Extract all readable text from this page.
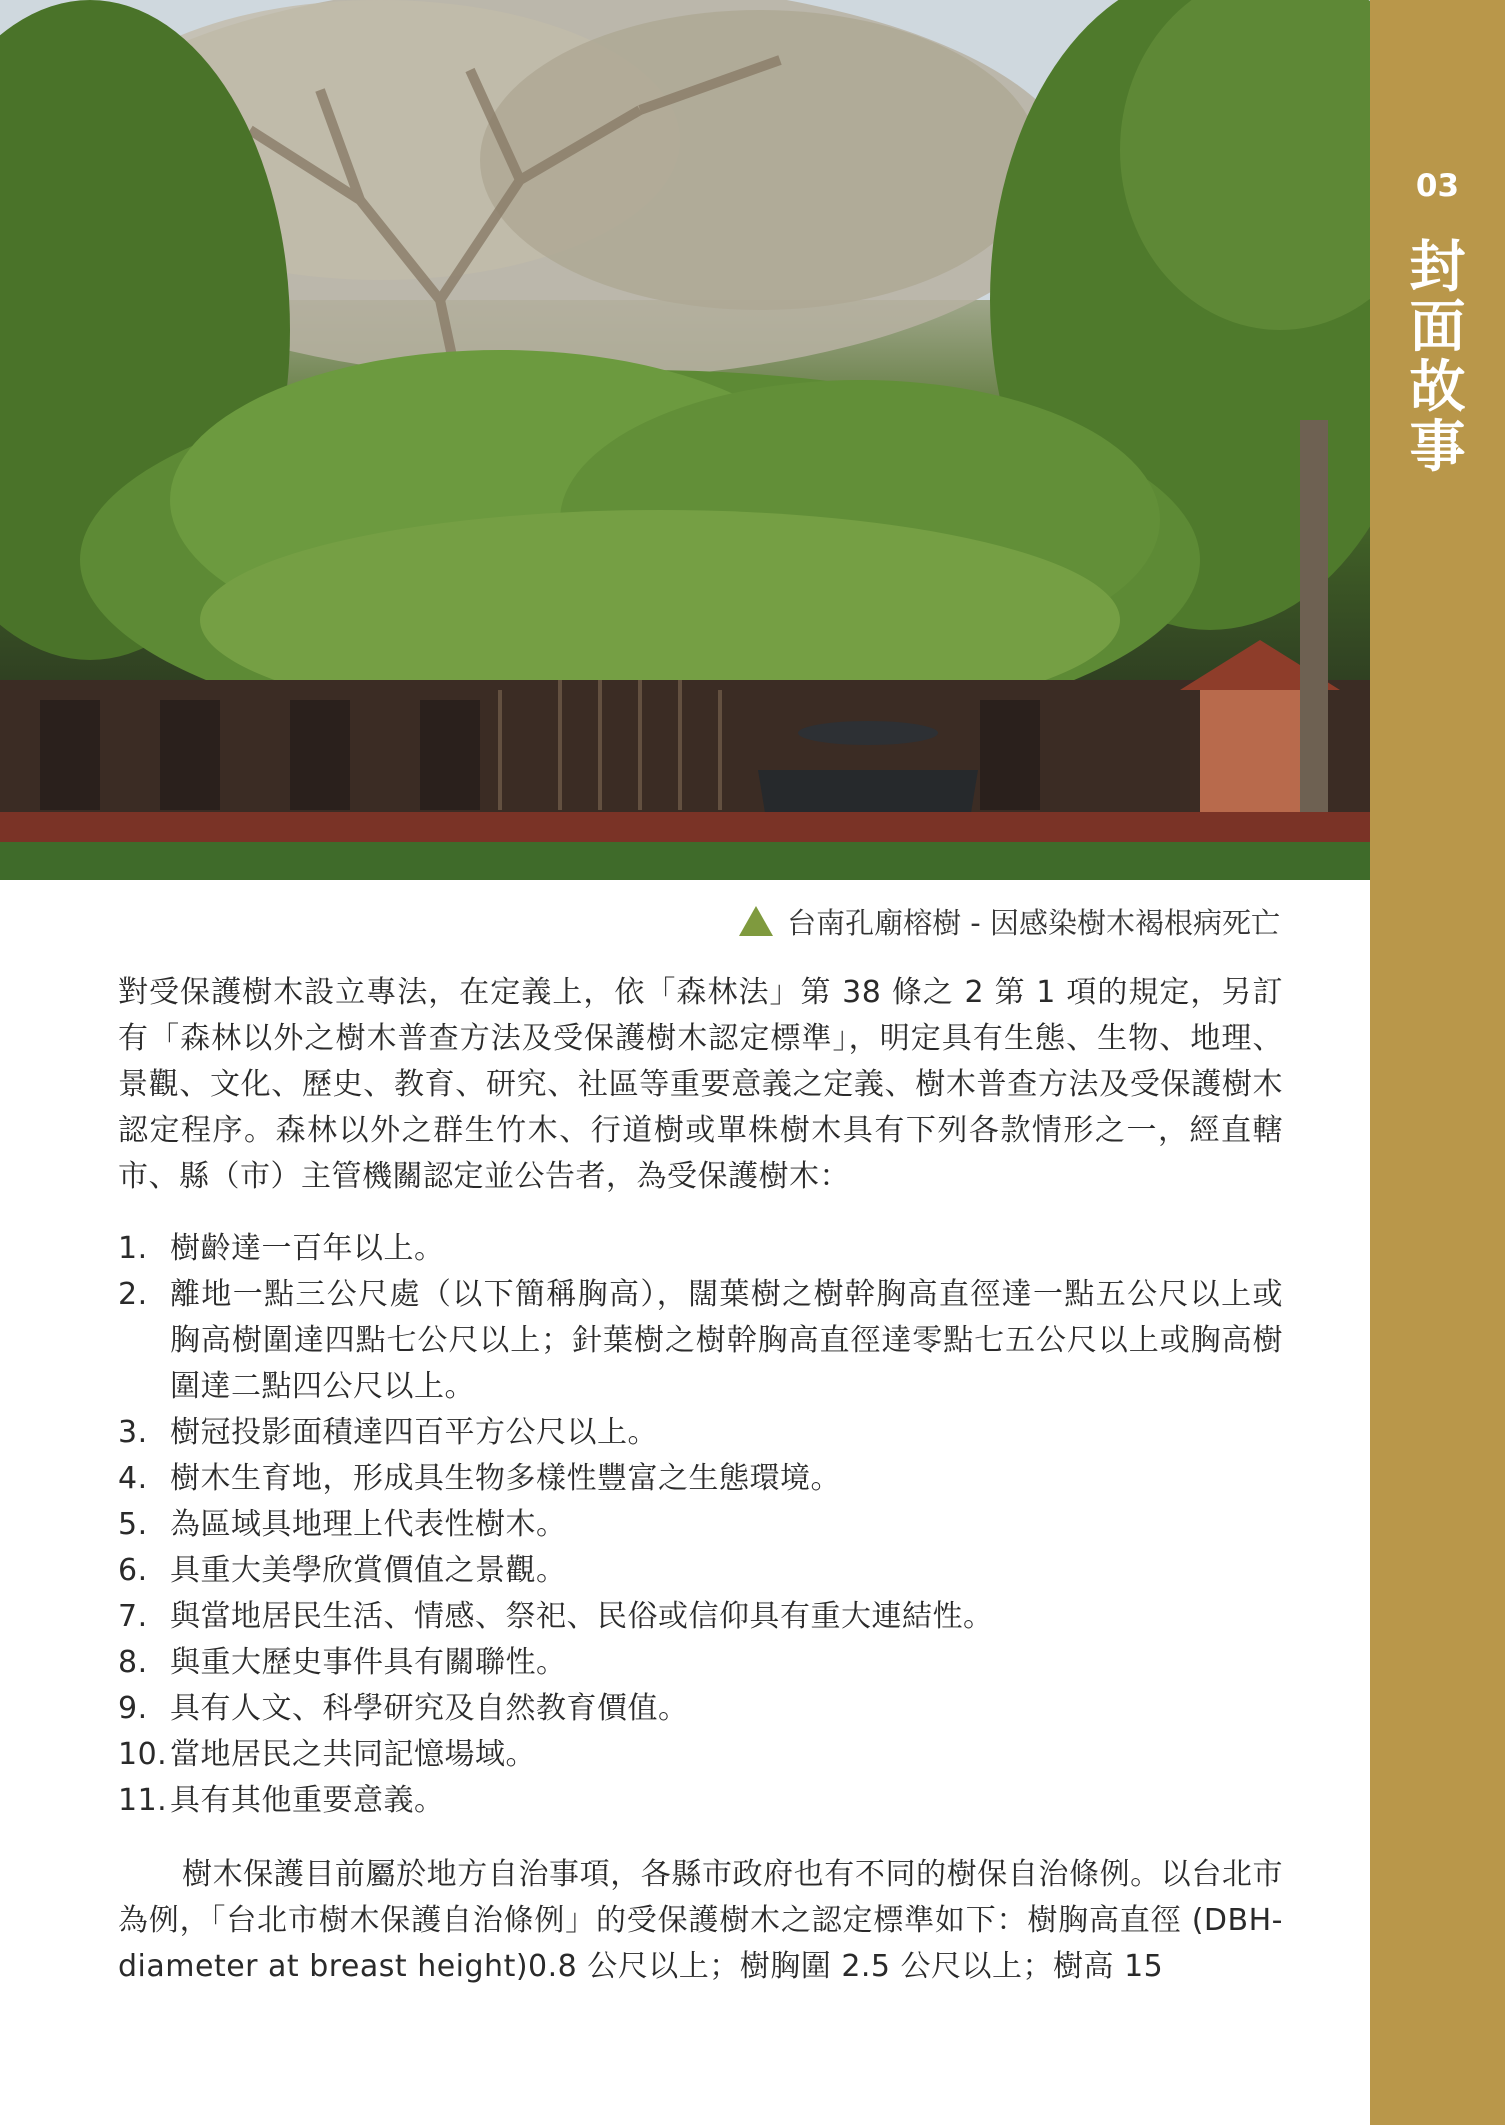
03
封
面
故
事
台南孔廟榕樹 - 因感染樹木褐根病死亡

對受保護樹木設立專法，在定義上，依「森林法」第 38 條之 2 第 1 項的規定，另訂有「森林以外之樹木普查方法及受保護樹木認定標準」，明定具有生態、生物、地理、景觀、文化、歷史、教育、研究、社區等重要意義之定義、樹木普查方法及受保護樹木認定程序。森林以外之群生竹木、行道樹或單株樹木具有下列各款情形之一，經直轄市、縣（市）主管機關認定並公告者，為受保護樹木：

1. 樹齡達一百年以上。
2. 離地一點三公尺處（以下簡稱胸高），闊葉樹之樹幹胸高直徑達一點五公尺以上或胸高樹圍達四點七公尺以上；針葉樹之樹幹胸高直徑達零點七五公尺以上或胸高樹圍達二點四公尺以上。
3. 樹冠投影面積達四百平方公尺以上。
4. 樹木生育地，形成具生物多樣性豐富之生態環境。
5. 為區域具地理上代表性樹木。
6. 具重大美學欣賞價值之景觀。
7. 與當地居民生活、情感、祭祀、民俗或信仰具有重大連結性。
8. 與重大歷史事件具有關聯性。
9. 具有人文、科學研究及自然教育價值。
10. 當地居民之共同記憶場域。
11. 具有其他重要意義。

樹木保護目前屬於地方自治事項，各縣市政府也有不同的樹保自治條例。以台北市為例，「台北市樹木保護自治條例」的受保護樹木之認定標準如下：樹胸高直徑 (DBH-diameter at breast height)0.8 公尺以上；樹胸圍 2.5 公尺以上；樹高 15
